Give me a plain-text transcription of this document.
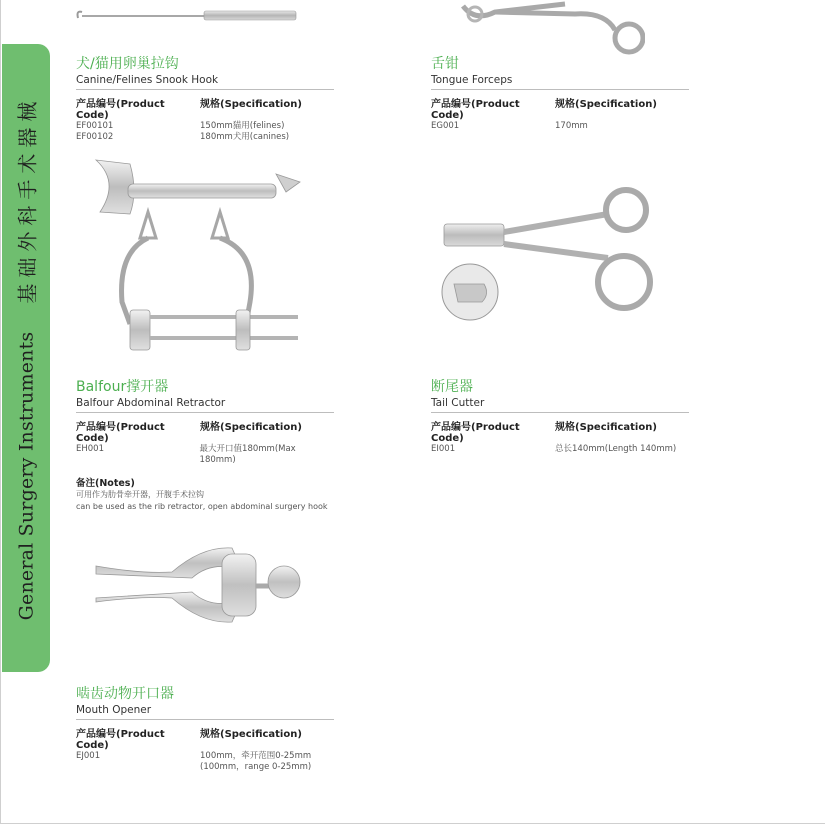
General Surgery Instruments
基础外科手术器械
犬/猫用卵巢拉钩
Canine/Felines Snook Hook
产品编号(Product Code)
规格(Specification)
EF00101	150mm猫用(felines)
EF00102	180mm犬用(canines)
舌钳
Tongue Forceps
产品编号(Product Code)
规格(Specification)
EG001	170mm
Balfour撑开器
Balfour Abdominal Retractor
产品编号(Product Code)
规格(Specification)
EH001	最大开口值180mm(Max 180mm)
备注(Notes)
可用作为肋骨牵开器，开腹手术拉钩
can be used as the rib retractor, open abdominal surgery hook
断尾器
Tail Cutter
产品编号(Product Code)
规格(Specification)
EI001	总长140mm(Length 140mm)
啮齿动物开口器
Mouth Opener
产品编号(Product Code)
规格(Specification)
EJ001	100mm，牵开范围0-25mm
(100mm，range 0-25mm)
